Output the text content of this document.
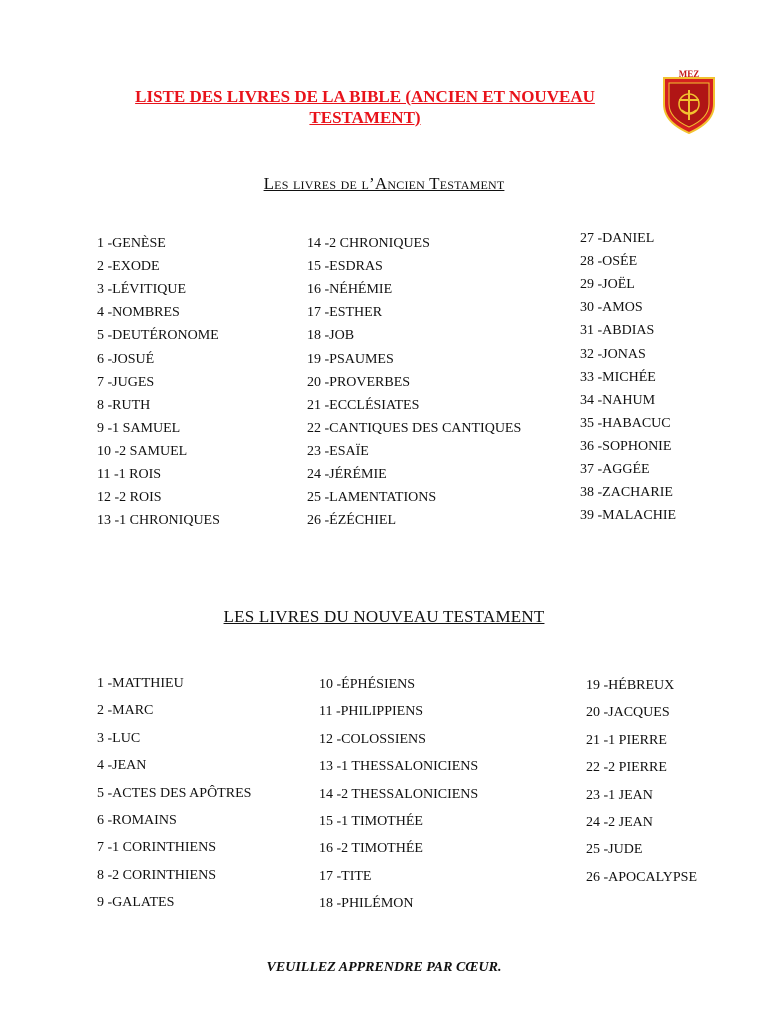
LISTE DES LIVRES DE LA BIBLE (ANCIEN ET NOUVEAU TESTAMENT)
MEZ
Les livres de l’Ancien Testament
1 -GENÈSE
2 -EXODE
3 -LÉVITIQUE
4 -NOMBRES
5 -DEUTÉRONOME
6 -JOSUÉ
7 -JUGES
8 -RUTH
9 -1 SAMUEL
10 -2 SAMUEL
11 -1 ROIS
12 -2 ROIS
13 -1 CHRONIQUES
14 -2 CHRONIQUES
15 -ESDRAS
16 -NÉHÉMIE
17 -ESTHER
18 -JOB
19 -PSAUMES
20 -PROVERBES
21 -ECCLÉSIATES
22 -CANTIQUES DES CANTIQUES
23 -ESAÏE
24 -JÉRÉMIE
25 -LAMENTATIONS
26 -ÉZÉCHIEL
27 -DANIEL
28 -OSÉE
29 -JOËL
30 -AMOS
31 -ABDIAS
32 -JONAS
33 -MICHÉE
34 -NAHUM
35 -HABACUC
36 -SOPHONIE
37 -AGGÉE
38 -ZACHARIE
39 -MALACHIE
LES LIVRES DU NOUVEAU TESTAMENT
1 -MATTHIEU
2 -MARC
3 -LUC
4 -JEAN
5 -ACTES DES APÔTRES
6 -ROMAINS
7 -1 CORINTHIENS
8 -2 CORINTHIENS
9 -GALATES
10 -ÉPHÉSIENS
11 -PHILIPPIENS
12 -COLOSSIENS
13 -1 THESSALONICIENS
14 -2 THESSALONICIENS
15 -1 TIMOTHÉE
16 -2 TIMOTHÉE
17 -TITE
18 -PHILÉMON
19 -HÉBREUX
20 -JACQUES
21 -1 PIERRE
22 -2 PIERRE
23 -1 JEAN
24 -2 JEAN
25 -JUDE
26 -APOCALYPSE
VEUILLEZ APPRENDRE PAR CŒUR.
